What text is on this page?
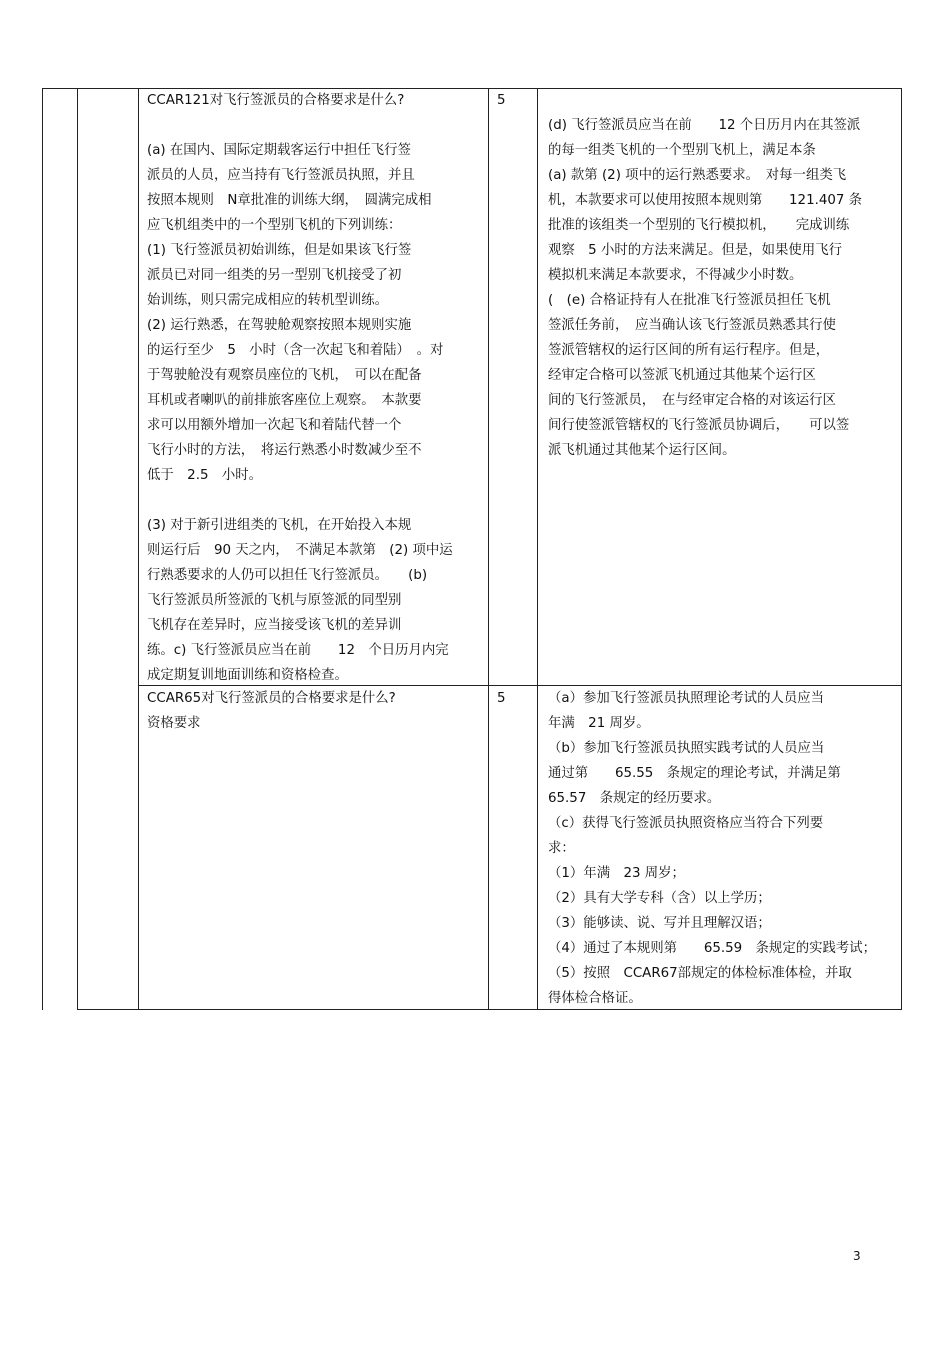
CCAR121对飞行签派员的合格要求是什么?
(a) 在国内、国际定期载客运行中担任飞行签
派员的人员，应当持有飞行签派员执照，并且
按照本规则　N章批准的训练大纲，　圆满完成相
应飞机组类中的一个型别飞机的下列训练：
(1) 飞行签派员初始训练，但是如果该飞行签
派员已对同一组类的另一型别飞机接受了初
始训练，则只需完成相应的转机型训练。
(2) 运行熟悉，在驾驶舱观察按照本规则实施
的运行至少　5　小时（含一次起飞和着陆）　。对
于驾驶舱没有观察员座位的飞机，　可以在配备
耳机或者喇叭的前排旅客座位上观察。　本款要
求可以用额外增加一次起飞和着陆代替一个
飞行小时的方法，　将运行熟悉小时数减少至不
低于　2.5　小时。
(3) 对于新引进组类的飞机，在开始投入本规
则运行后　90 天之内，　不满足本款第　(2) 项中运
行熟悉要求的人仍可以担任飞行签派员。　　(b)
飞行签派员所签派的飞机与原签派的同型别
飞机存在差异时，应当接受该飞机的差异训
练。c) 飞行签派员应当在前　　12　个日历月内完
成定期复训地面训练和资格检查。
5
(d) 飞行签派员应当在前　　12 个日历月内在其签派
的每一组类飞机的一个型别飞机上，满足本条
(a) 款第 (2) 项中的运行熟悉要求。　对每一组类飞
机，本款要求可以使用按照本规则第　　121.407 条
批准的该组类一个型别的飞行模拟机，　　完成训练
观察　5 小时的方法来满足。但是，如果使用飞行
模拟机来满足本款要求，不得减少小时数。
(　(e) 合格证持有人在批准飞行签派员担任飞机
签派任务前，　应当确认该飞行签派员熟悉其行使
签派管辖权的运行区间的所有运行程序。但是，
经审定合格可以签派飞机通过其他某个运行区
间的飞行签派员，　在与经审定合格的对该运行区
间行使签派管辖权的飞行签派员协调后，　　可以签
派飞机通过其他某个运行区间。
CCAR65对飞行签派员的合格要求是什么?
资格要求
5	（a）参加飞行签派员执照理论考试的人员应当
年满　21 周岁。
（b）参加飞行签派员执照实践考试的人员应当
通过第　　65.55　条规定的理论考试，并满足第
65.57　条规定的经历要求。
（c）获得飞行签派员执照资格应当符合下列要
求：
（1）年满　23 周岁；
（2）具有大学专科（含）以上学历；
（3）能够读、说、写并且理解汉语；
（4）通过了本规则第　　65.59　条规定的实践考试；
（5）按照　CCAR67部规定的体检标准体检，并取
得体检合格证。
3
